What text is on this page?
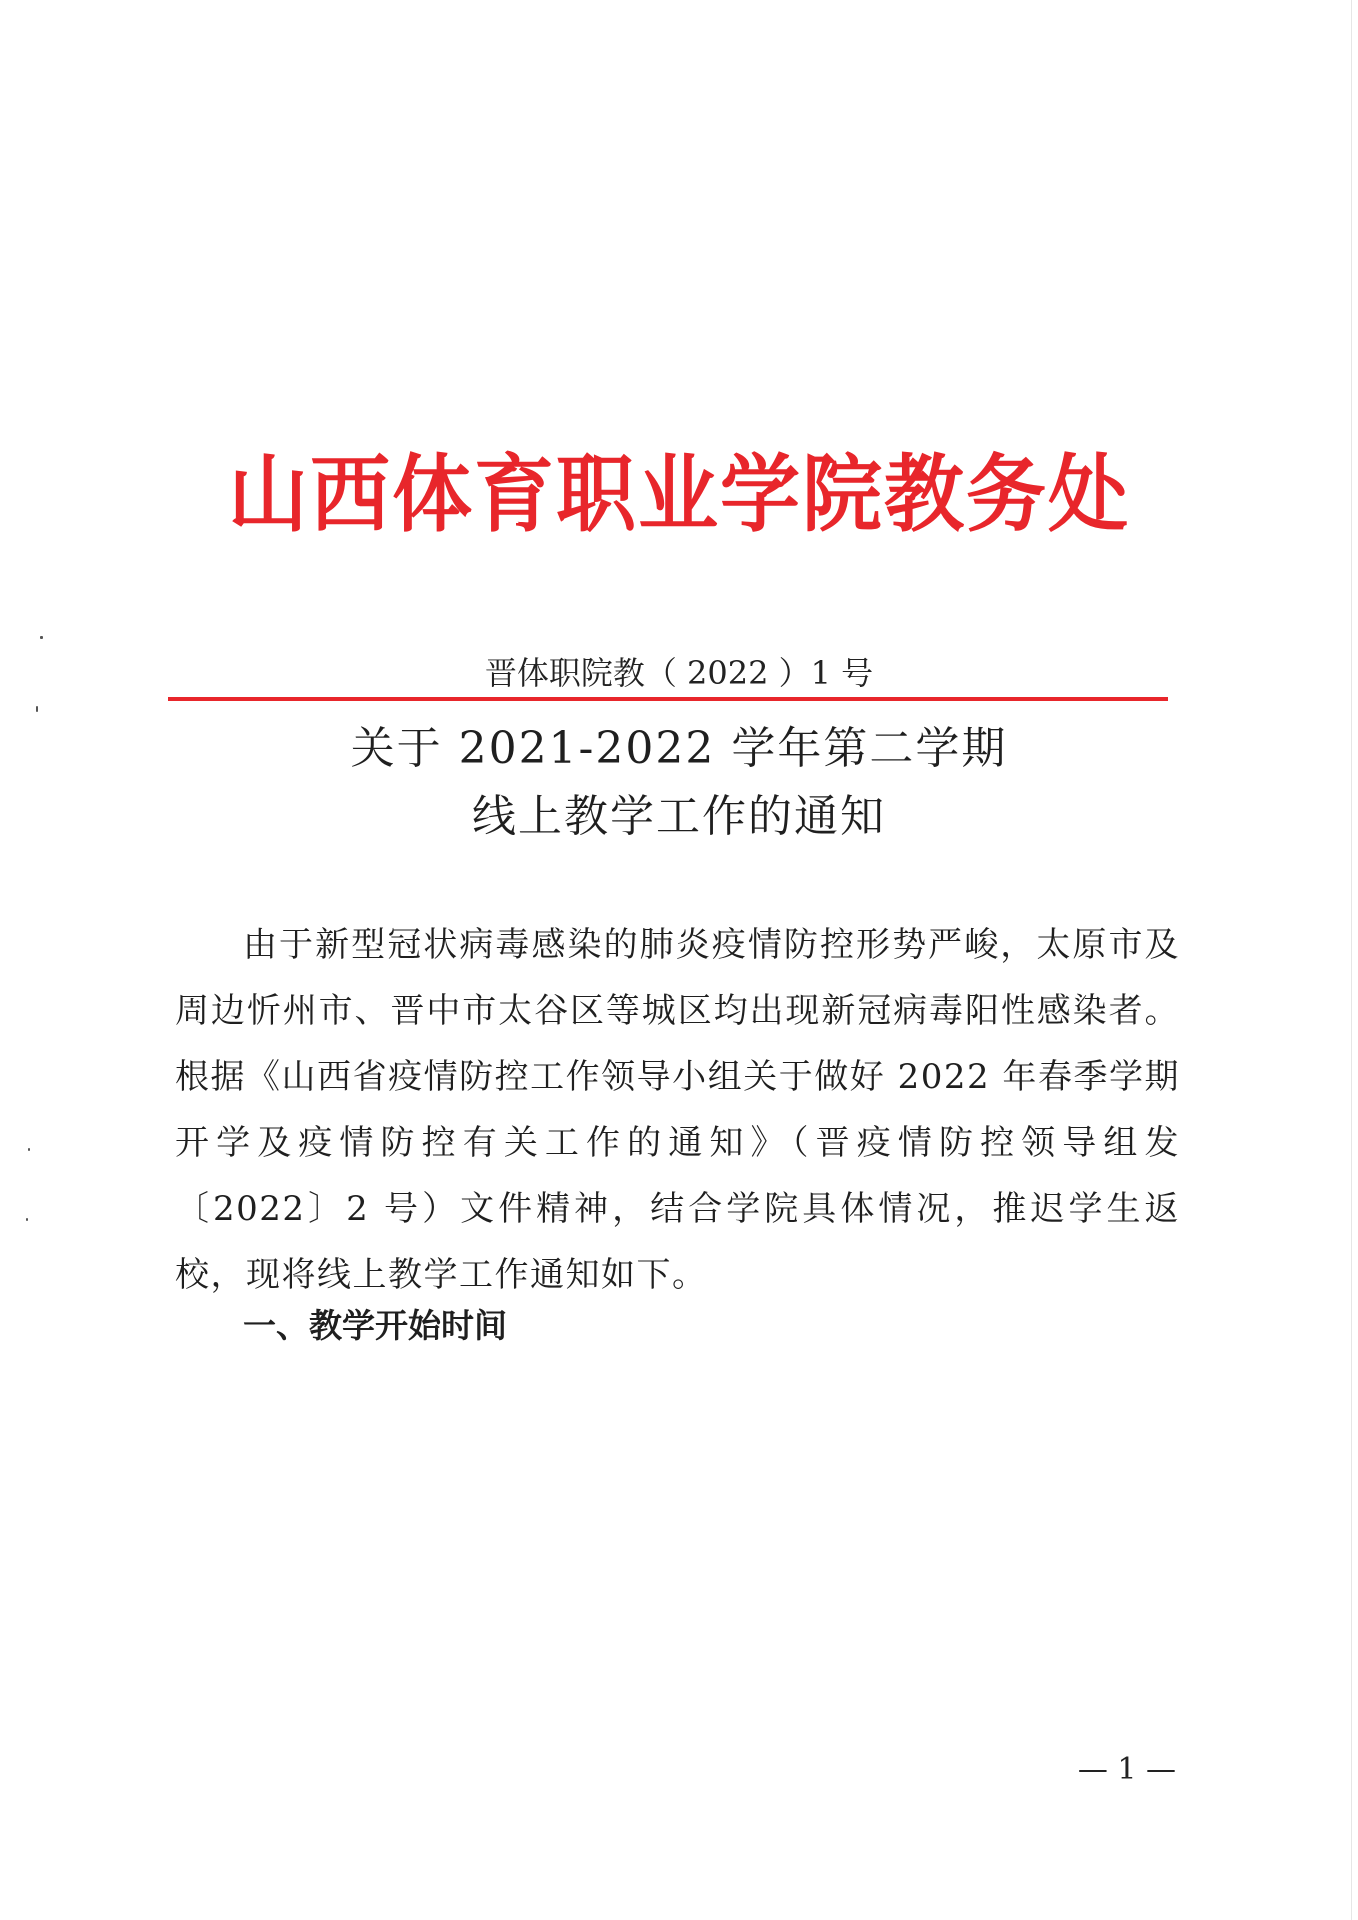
山西体育职业学院教务处
晋体职院教（ 2022 ）1 号
关于 2021-2022 学年第二学期
线上教学工作的通知
由于新型冠状病毒感染的肺炎疫情防控形势严峻，太原市及周边忻州市、晋中市太谷区等城区均出现新冠病毒阳性感染者。根据《山西省疫情防控工作领导小组关于做好 2022 年春季学期开学及疫情防控有关工作的通知》（晋疫情防控领导组发〔2022〕2 号）文件精神，结合学院具体情况，推迟学生返校，现将线上教学工作通知如下。
一、教学开始时间
— 1 —
